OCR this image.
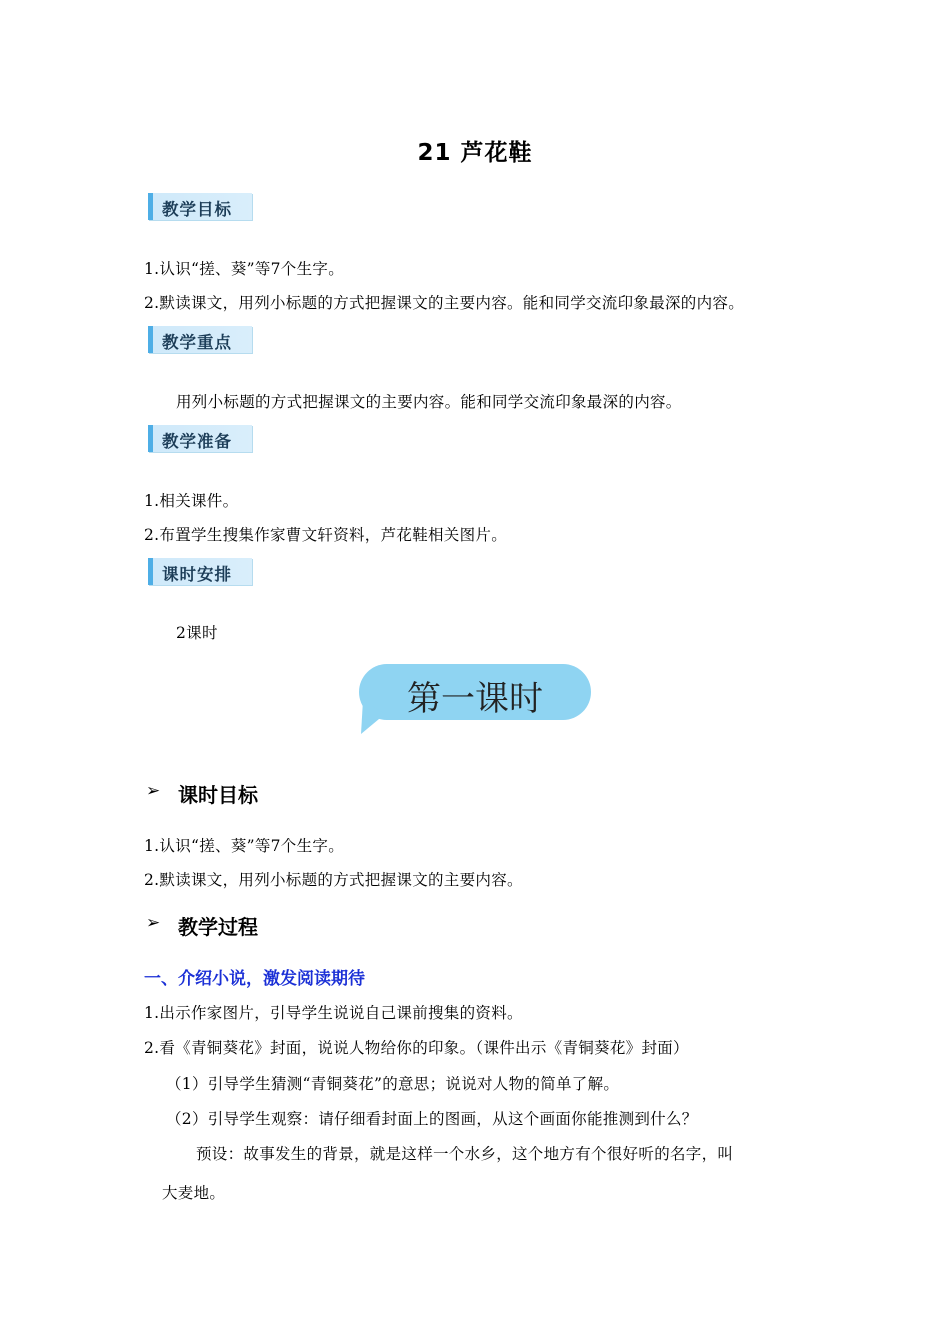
21 芦花鞋
教学目标
1.认识“搓、葵”等7个生字。
2.默读课文，用列小标题的方式把握课文的主要内容。能和同学交流印象最深的内容。
教学重点
用列小标题的方式把握课文的主要内容。能和同学交流印象最深的内容。
教学准备
1.相关课件。
2.布置学生搜集作家曹文轩资料，芦花鞋相关图片。
课时安排
2课时
第一课时
➢ 课时目标
1.认识“搓、葵”等7个生字。
2.默读课文，用列小标题的方式把握课文的主要内容。
➢ 教学过程
一、介绍小说，激发阅读期待
1.出示作家图片，引导学生说说自己课前搜集的资料。
2.看《青铜葵花》封面，说说人物给你的印象。（课件出示《青铜葵花》封面）
（1）引导学生猜测“青铜葵花”的意思；说说对人物的简单了解。
（2）引导学生观察：请仔细看封面上的图画，从这个画面你能推测到什么？
预设：故事发生的背景，就是这样一个水乡，这个地方有个很好听的名字，叫
大麦地。
